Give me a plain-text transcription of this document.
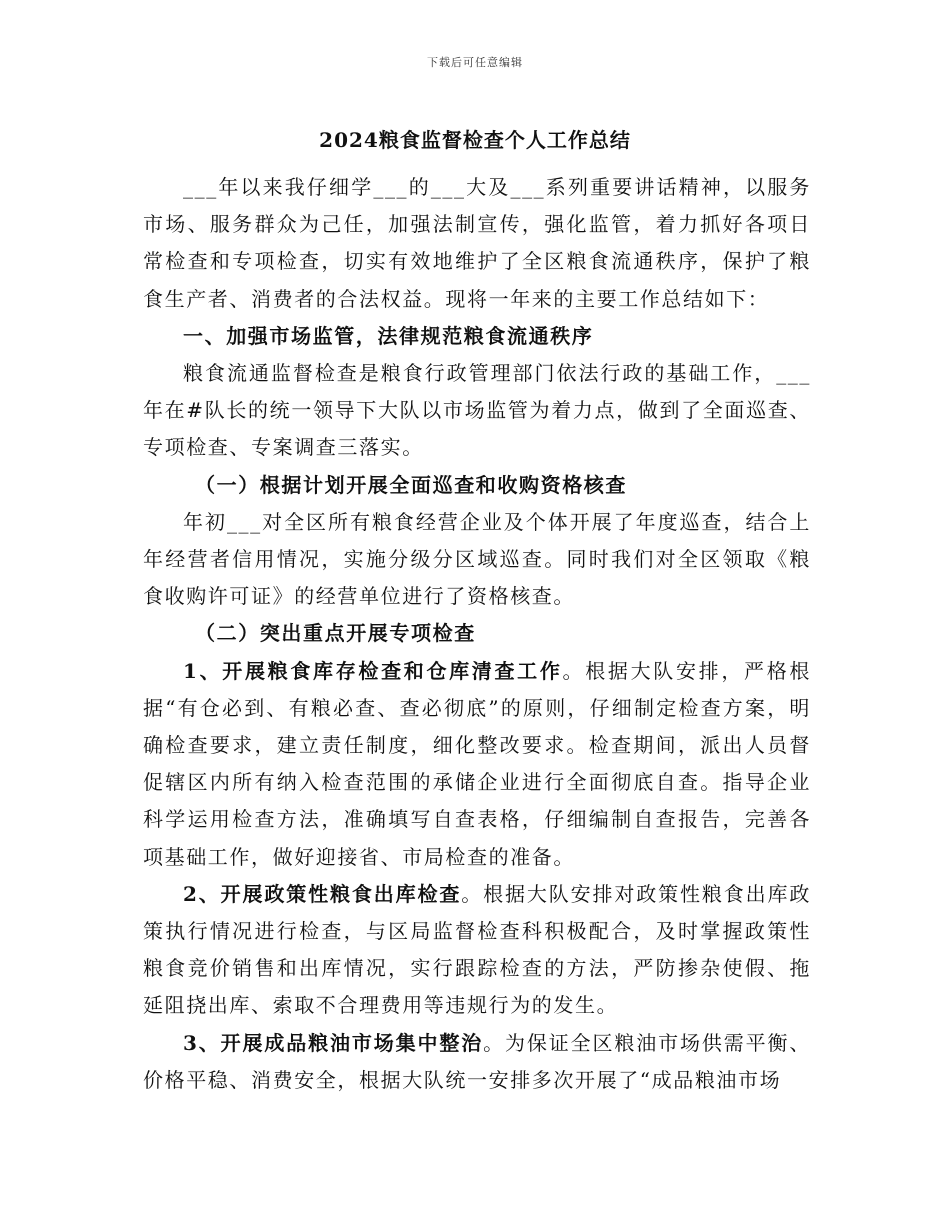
下载后可任意编辑
2024粮食监督检查个人工作总结

___年以来我仔细学___的___大及___系列重要讲话精神，以服务市场、服务群众为己任，加强法制宣传，强化监管，着力抓好各项日常检查和专项检查，切实有效地维护了全区粮食流通秩序，保护了粮食生产者、消费者的合法权益。现将一年来的主要工作总结如下：

一、加强市场监管，法律规范粮食流通秩序

粮食流通监督检查是粮食行政管理部门依法行政的基础工作，___年在#队长的统一领导下大队以市场监管为着力点，做到了全面巡查、专项检查、专案调查三落实。

（一）根据计划开展全面巡查和收购资格核查

年初___对全区所有粮食经营企业及个体开展了年度巡查，结合上年经营者信用情况，实施分级分区域巡查。同时我们对全区领取《粮食收购许可证》的经营单位进行了资格核查。

（二）突出重点开展专项检查

1、开展粮食库存检查和仓库清查工作。根据大队安排，严格根据“有仓必到、有粮必查、查必彻底”的原则，仔细制定检查方案，明确检查要求，建立责任制度，细化整改要求。检查期间，派出人员督促辖区内所有纳入检查范围的承储企业进行全面彻底自查。指导企业科学运用检查方法，准确填写自查表格，仔细编制自查报告，完善各项基础工作，做好迎接省、市局检查的准备。

2、开展政策性粮食出库检查。根据大队安排对政策性粮食出库政策执行情况进行检查，与区局监督检查科积极配合，及时掌握政策性粮食竞价销售和出库情况，实行跟踪检查的方法，严防掺杂使假、拖延阻挠出库、索取不合理费用等违规行为的发生。

3、开展成品粮油市场集中整治。为保证全区粮油市场供需平衡、价格平稳、消费安全，根据大队统一安排多次开展了“成品粮油市场
